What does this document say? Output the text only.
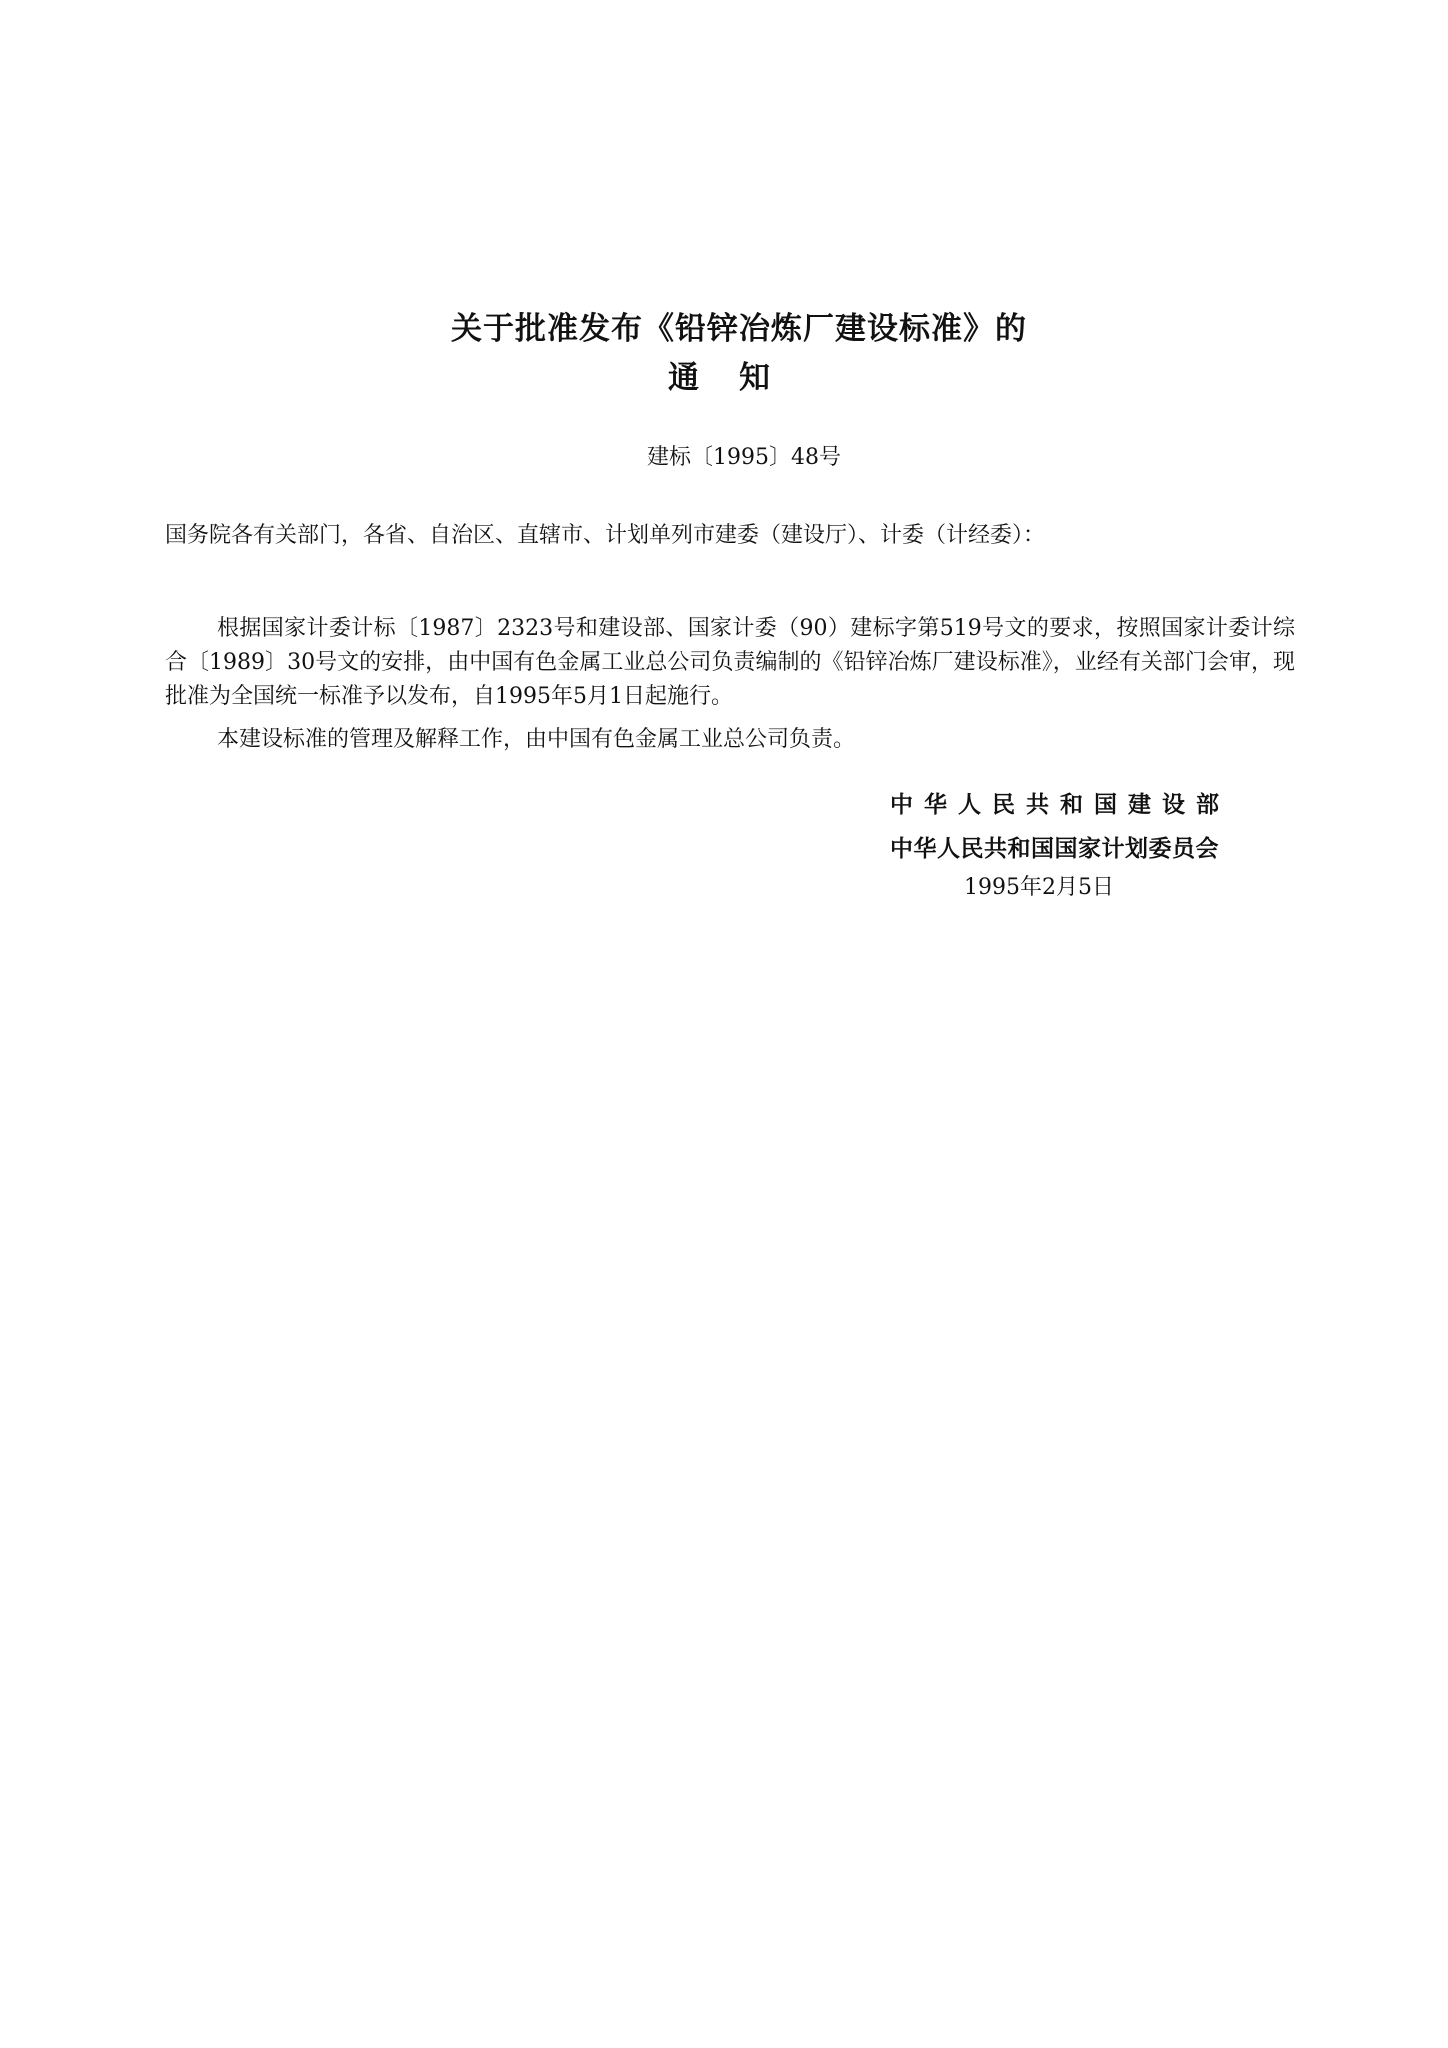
关于批准发布《铅锌冶炼厂建设标准》的
通知
建标〔1995〕48号
国务院各有关部门，各省、自治区、直辖市、计划单列市建委（建设厅）、计委（计经委）：

根据国家计委计标〔1987〕2323号和建设部、国家计委（90）建标字第519号文的要求，按照国家计委计综合〔1989〕30号文的安排，由中国有色金属工业总公司负责编制的《铅锌冶炼厂建设标准》，业经有关部门会审，现批准为全国统一标准予以发布，自1995年5月1日起施行。

本建设标准的管理及解释工作，由中国有色金属工业总公司负责。

中华人民共和国建设部
中华人民共和国国家计划委员会
1995年2月5日
